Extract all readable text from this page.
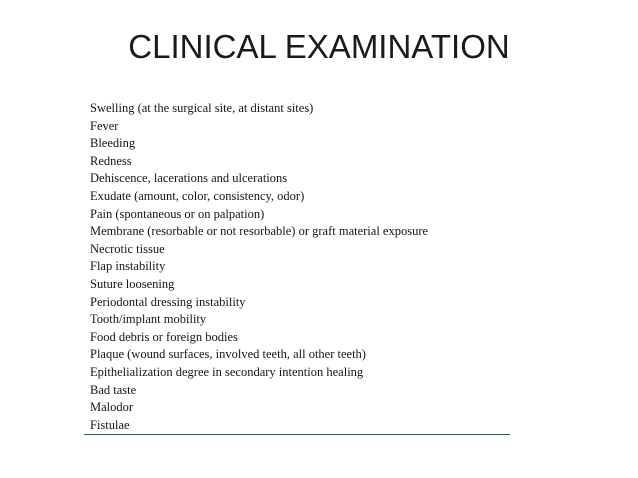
CLINICAL EXAMINATION
Swelling (at the surgical site, at distant sites)
Fever
Bleeding
Redness
Dehiscence, lacerations and ulcerations
Exudate (amount, color, consistency, odor)
Pain (spontaneous or on palpation)
Membrane (resorbable or not resorbable) or graft material exposure
Necrotic tissue
Flap instability
Suture loosening
Periodontal dressing instability
Tooth/implant mobility
Food debris or foreign bodies
Plaque (wound surfaces, involved teeth, all other teeth)
Epithelialization degree in secondary intention healing
Bad taste
Malodor
Fistulae
